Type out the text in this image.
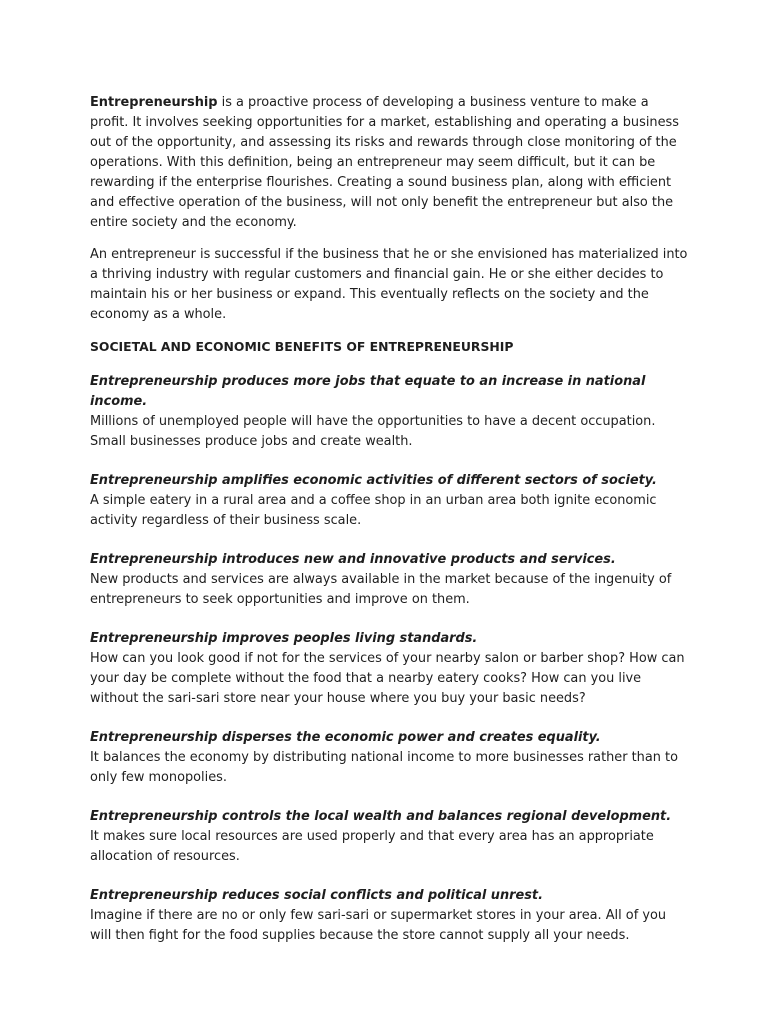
Entrepreneurship is a proactive process of developing a business venture to make a profit. It involves seeking opportunities for a market, establishing and operating a business out of the opportunity, and assessing its risks and rewards through close monitoring of the operations. With this definition, being an entrepreneur may seem difficult, but it can be rewarding if the enterprise flourishes. Creating a sound business plan, along with efficient and effective operation of the business, will not only benefit the entrepreneur but also the entire society and the economy.

An entrepreneur is successful if the business that he or she envisioned has materialized into a thriving industry with regular customers and financial gain. He or she either decides to maintain his or her business or expand. This eventually reflects on the society and the economy as a whole.

SOCIETAL AND ECONOMIC BENEFITS OF ENTREPRENEURSHIP

Entrepreneurship produces more jobs that equate to an increase in national income.
Millions of unemployed people will have the opportunities to have a decent occupation. Small businesses produce jobs and create wealth.
Entrepreneurship amplifies economic activities of different sectors of society.
A simple eatery in a rural area and a coffee shop in an urban area both ignite economic activity regardless of their business scale.
Entrepreneurship introduces new and innovative products and services.
New products and services are always available in the market because of the ingenuity of entrepreneurs to seek opportunities and improve on them.
Entrepreneurship improves peoples living standards.
How can you look good if not for the services of your nearby salon or barber shop? How can your day be complete without the food that a nearby eatery cooks? How can you live without the sari-sari store near your house where you buy your basic needs?
Entrepreneurship disperses the economic power and creates equality.
It balances the economy by distributing national income to more businesses rather than to only few monopolies.
Entrepreneurship controls the local wealth and balances regional development.
It makes sure local resources are used properly and that every area has an appropriate allocation of resources.
Entrepreneurship reduces social conflicts and political unrest.
Imagine if there are no or only few sari-sari or supermarket stores in your area. All of you will then fight for the food supplies because the store cannot supply all your needs.
